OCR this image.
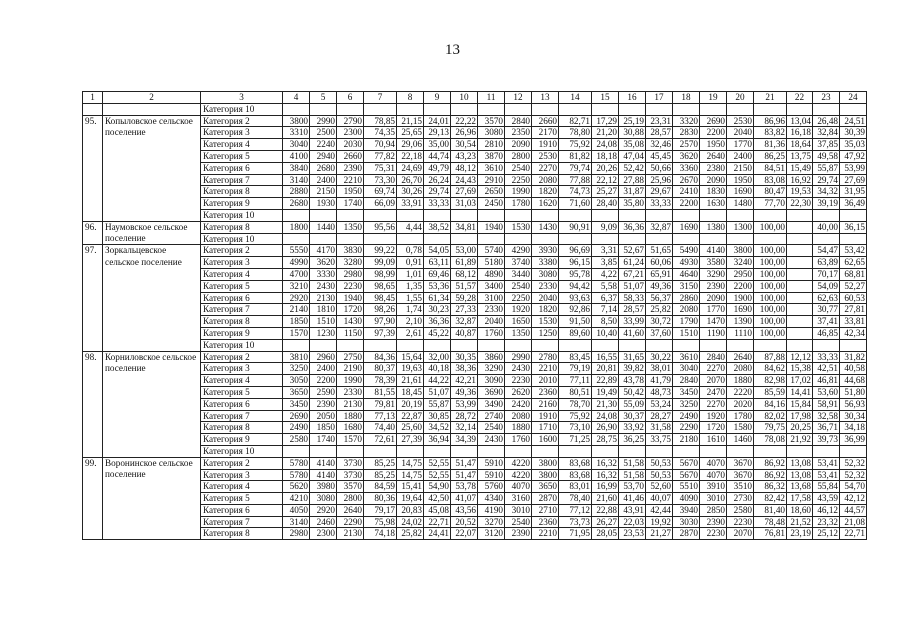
13
1	2	3	4	5	6	7	8	9	10	11	12	13	14	15	16	17	18	19	20	21	22	23	24
		Категория 10																					
95.	Копыловское сельское поселение	Категория 2	3800	2990	2790	78,85	21,15	24,01	22,22	3570	2840	2660	82,71	17,29	25,19	23,31	3320	2690	2530	86,96	13,04	26,48	24,51
		Категория 3	3310	2500	2300	74,35	25,65	29,13	26,96	3080	2350	2170	78,80	21,20	30,88	28,57	2830	2200	2040	83,82	16,18	32,84	30,39
		Категория 4	3040	2240	2030	70,94	29,06	35,00	30,54	2810	2090	1910	75,92	24,08	35,08	32,46	2570	1950	1770	81,36	18,64	37,85	35,03
		Категория 5	4100	2940	2660	77,82	22,18	44,74	43,23	3870	2800	2530	81,82	18,18	47,04	45,45	3620	2640	2400	86,25	13,75	49,58	47,92
		Категория 6	3840	2680	2390	75,31	24,69	49,79	48,12	3610	2540	2270	79,74	20,26	52,42	50,66	3360	2380	2150	84,51	15,49	55,87	53,99
		Категория 7	3140	2400	2210	73,30	26,70	26,24	24,43	2910	2250	2080	77,88	22,12	27,88	25,96	2670	2090	1950	83,08	16,92	29,74	27,69
		Категория 8	2880	2150	1950	69,74	30,26	29,74	27,69	2650	1990	1820	74,73	25,27	31,87	29,67	2410	1830	1690	80,47	19,53	34,32	31,95
		Категория 9	2680	1930	1740	66,09	33,91	33,33	31,03	2450	1780	1620	71,60	28,40	35,80	33,33	2200	1630	1480	77,70	22,30	39,19	36,49
		Категория 10																					
96.	Наумовское сельское поселение	Категория 8	1800	1440	1350	95,56	4,44	38,52	34,81	1940	1530	1430	90,91	9,09	36,36	32,87	1690	1380	1300	100,00		40,00	36,15
		Категория 10																					
97.	Зоркальцевское сельское поселение	Категория 2	5550	4170	3830	99,22	0,78	54,05	53,00	5740	4290	3930	96,69	3,31	52,67	51,65	5490	4140	3800	100,00		54,47	53,42
		Категория 3	4990	3620	3280	99,09	0,91	63,11	61,89	5180	3740	3380	96,15	3,85	61,24	60,06	4930	3580	3240	100,00		63,89	62,65
		Категория 4	4700	3330	2980	98,99	1,01	69,46	68,12	4890	3440	3080	95,78	4,22	67,21	65,91	4640	3290	2950	100,00		70,17	68,81
		Категория 5	3210	2430	2230	98,65	1,35	53,36	51,57	3400	2540	2330	94,42	5,58	51,07	49,36	3150	2390	2200	100,00		54,09	52,27
		Категория 6	2920	2130	1940	98,45	1,55	61,34	59,28	3100	2250	2040	93,63	6,37	58,33	56,37	2860	2090	1900	100,00		62,63	60,53
		Категория 7	2140	1810	1720	98,26	1,74	30,23	27,33	2330	1920	1820	92,86	7,14	28,57	25,82	2080	1770	1690	100,00		30,77	27,81
		Категория 8	1850	1510	1430	97,90	2,10	36,36	32,87	2040	1650	1530	91,50	8,50	33,99	30,72	1790	1470	1390	100,00		37,41	33,81
		Категория 9	1570	1230	1150	97,39	2,61	45,22	40,87	1760	1350	1250	89,60	10,40	41,60	37,60	1510	1190	1110	100,00		46,85	42,34
		Категория 10																					
98.	Корниловское сельское поселение	Категория 2	3810	2960	2750	84,36	15,64	32,00	30,35	3860	2990	2780	83,45	16,55	31,65	30,22	3610	2840	2640	87,88	12,12	33,33	31,82
		Категория 3	3250	2400	2190	80,37	19,63	40,18	38,36	3290	2430	2210	79,19	20,81	39,82	38,01	3040	2270	2080	84,62	15,38	42,51	40,58
		Категория 4	3050	2200	1990	78,39	21,61	44,22	42,21	3090	2230	2010	77,11	22,89	43,78	41,79	2840	2070	1880	82,98	17,02	46,81	44,68
		Категория 5	3650	2590	2330	81,55	18,45	51,07	49,36	3690	2620	2360	80,51	19,49	50,42	48,73	3450	2470	2220	85,59	14,41	53,60	51,80
		Категория 6	3450	2390	2130	79,81	20,19	55,87	53,99	3490	2420	2160	78,70	21,30	55,09	53,24	3250	2270	2020	84,16	15,84	58,91	56,93
		Категория 7	2690	2050	1880	77,13	22,87	30,85	28,72	2740	2080	1910	75,92	24,08	30,37	28,27	2490	1920	1780	82,02	17,98	32,58	30,34
		Категория 8	2490	1850	1680	74,40	25,60	34,52	32,14	2540	1880	1710	73,10	26,90	33,92	31,58	2290	1720	1580	79,75	20,25	36,71	34,18
		Категория 9	2580	1740	1570	72,61	27,39	36,94	34,39	2430	1760	1600	71,25	28,75	36,25	33,75	2180	1610	1460	78,08	21,92	39,73	36,99
		Категория 10																					
99.	Воронинское сельское поселение	Категория 2	5780	4140	3730	85,25	14,75	52,55	51,47	5910	4220	3800	83,68	16,32	51,58	50,53	5670	4070	3670	86,92	13,08	53,41	52,32
		Категория 3	5780	4140	3730	85,25	14,75	52,55	51,47	5910	4220	3800	83,68	16,32	51,58	50,53	5670	4070	3670	86,92	13,08	53,41	52,32
		Категория 4	5620	3980	3570	84,59	15,41	54,90	53,78	5760	4070	3650	83,01	16,99	53,70	52,60	5510	3910	3510	86,32	13,68	55,84	54,70
		Категория 5	4210	3080	2800	80,36	19,64	42,50	41,07	4340	3160	2870	78,40	21,60	41,46	40,07	4090	3010	2730	82,42	17,58	43,59	42,12
		Категория 6	4050	2920	2640	79,17	20,83	45,08	43,56	4190	3010	2710	77,12	22,88	43,91	42,44	3940	2850	2580	81,40	18,60	46,12	44,57
		Категория 7	3140	2460	2290	75,98	24,02	22,71	20,52	3270	2540	2360	73,73	26,27	22,03	19,92	3030	2390	2230	78,48	21,52	23,32	21,08
		Категория 8	2980	2300	2130	74,18	25,82	24,41	22,07	3120	2390	2210	71,95	28,05	23,53	21,27	2870	2230	2070	76,81	23,19	25,12	22,71
